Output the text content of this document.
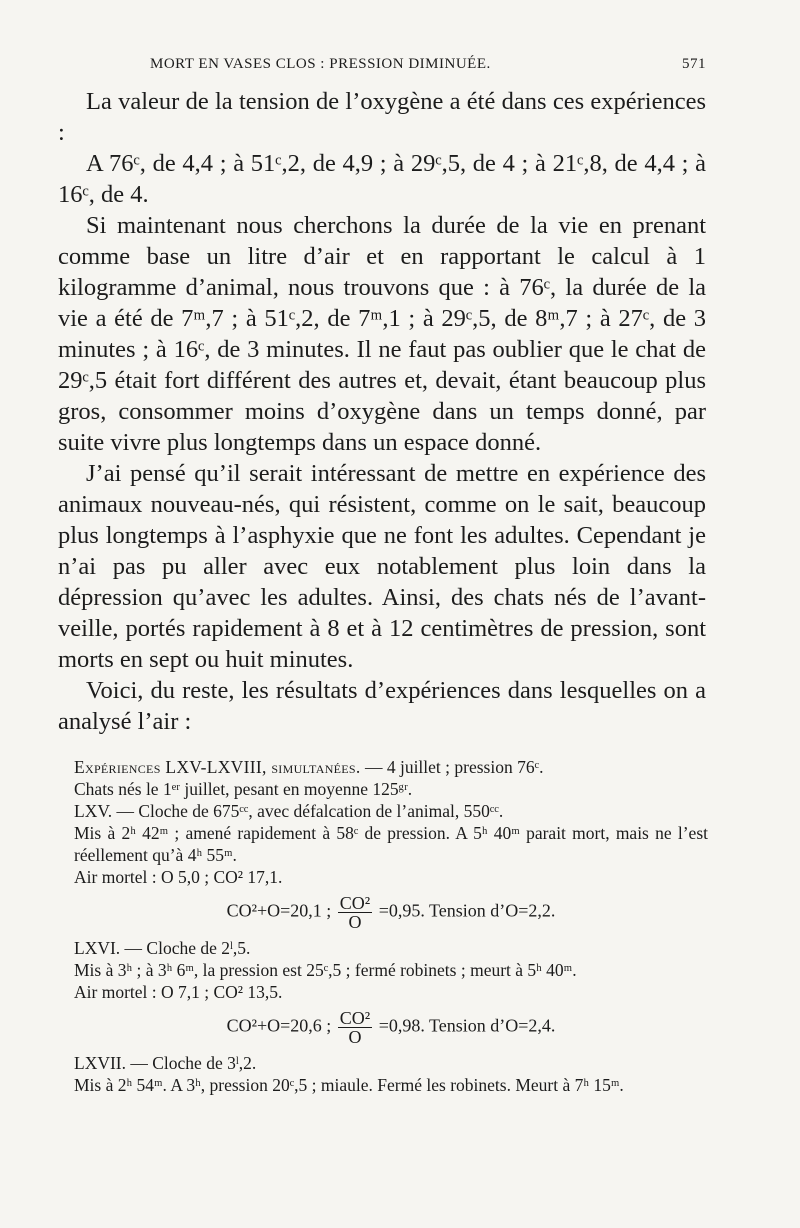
MORT EN VASES CLOS : PRESSION DIMINUÉE.	571

La valeur de la tension de l’oxygène a été dans ces expériences :

A 76ᶜ, de 4,4 ; à 51ᶜ,2, de 4,9 ; à 29ᶜ,5, de 4 ; à 21ᶜ,8, de 4,4 ; à 16ᶜ, de 4.

Si maintenant nous cherchons la durée de la vie en prenant comme base un litre d’air et en rapportant le calcul à 1 kilogramme d’animal, nous trouvons que : à 76ᶜ, la durée de la vie a été de 7ᵐ,7 ; à 51ᶜ,2, de 7ᵐ,1 ; à 29ᶜ,5, de 8ᵐ,7 ; à 27ᶜ, de 3 minutes ; à 16ᶜ, de 3 minutes. Il ne faut pas oublier que le chat de 29ᶜ,5 était fort différent des autres et, devait, étant beaucoup plus gros, consommer moins d’oxygène dans un temps donné, par suite vivre plus longtemps dans un espace donné.

J’ai pensé qu’il serait intéressant de mettre en expérience des animaux nouveau-nés, qui résistent, comme on le sait, beaucoup plus longtemps à l’asphyxie que ne font les adultes. Cependant je n’ai pas pu aller avec eux notablement plus loin dans la dépression qu’avec les adultes. Ainsi, des chats nés de l’avant-veille, portés rapidement à 8 et à 12 centimètres de pression, sont morts en sept ou huit minutes.

Voici, du reste, les résultats d’expériences dans lesquelles on a analysé l’air :

Expériences LXV-LXVIII, simultanées. — 4 juillet ; pression 76ᶜ.

Chats nés le 1ᵉʳ juillet, pesant en moyenne 125ᵍʳ.

LXV. — Cloche de 675ᶜᶜ, avec défalcation de l’animal, 550ᶜᶜ.

Mis à 2ʰ 42ᵐ ; amené rapidement à 58ᶜ de pression. A 5ʰ 40ᵐ parait mort, mais ne l’est réellement qu’à 4ʰ 55ᵐ.

Air mortel : O 5,0 ; CO² 17,1.

CO²+O=20,1 ; $\frac{\text{CO²}}{O} =0,95$. Tension d’O=2,2.

LXVI. — Cloche de 2ˡ,5.

Mis à 3ʰ ; à 3ʰ 6ᵐ, la pression est 25ᶜ,5 ; fermé robinets ; meurt à 5ʰ 40ᵐ.

Air mortel : O 7,1 ; CO² 13,5.

CO²+O=20,6 ; $\frac{\text{CO²}}{O} =0,98$. Tension d’O=2,4.

LXVII. — Cloche de 3ˡ,2.

Mis à 2ʰ 54ᵐ. A 3ʰ, pression 20ᶜ,5 ; miaule. Fermé les robinets. Meurt à 7ʰ 15ᵐ.
